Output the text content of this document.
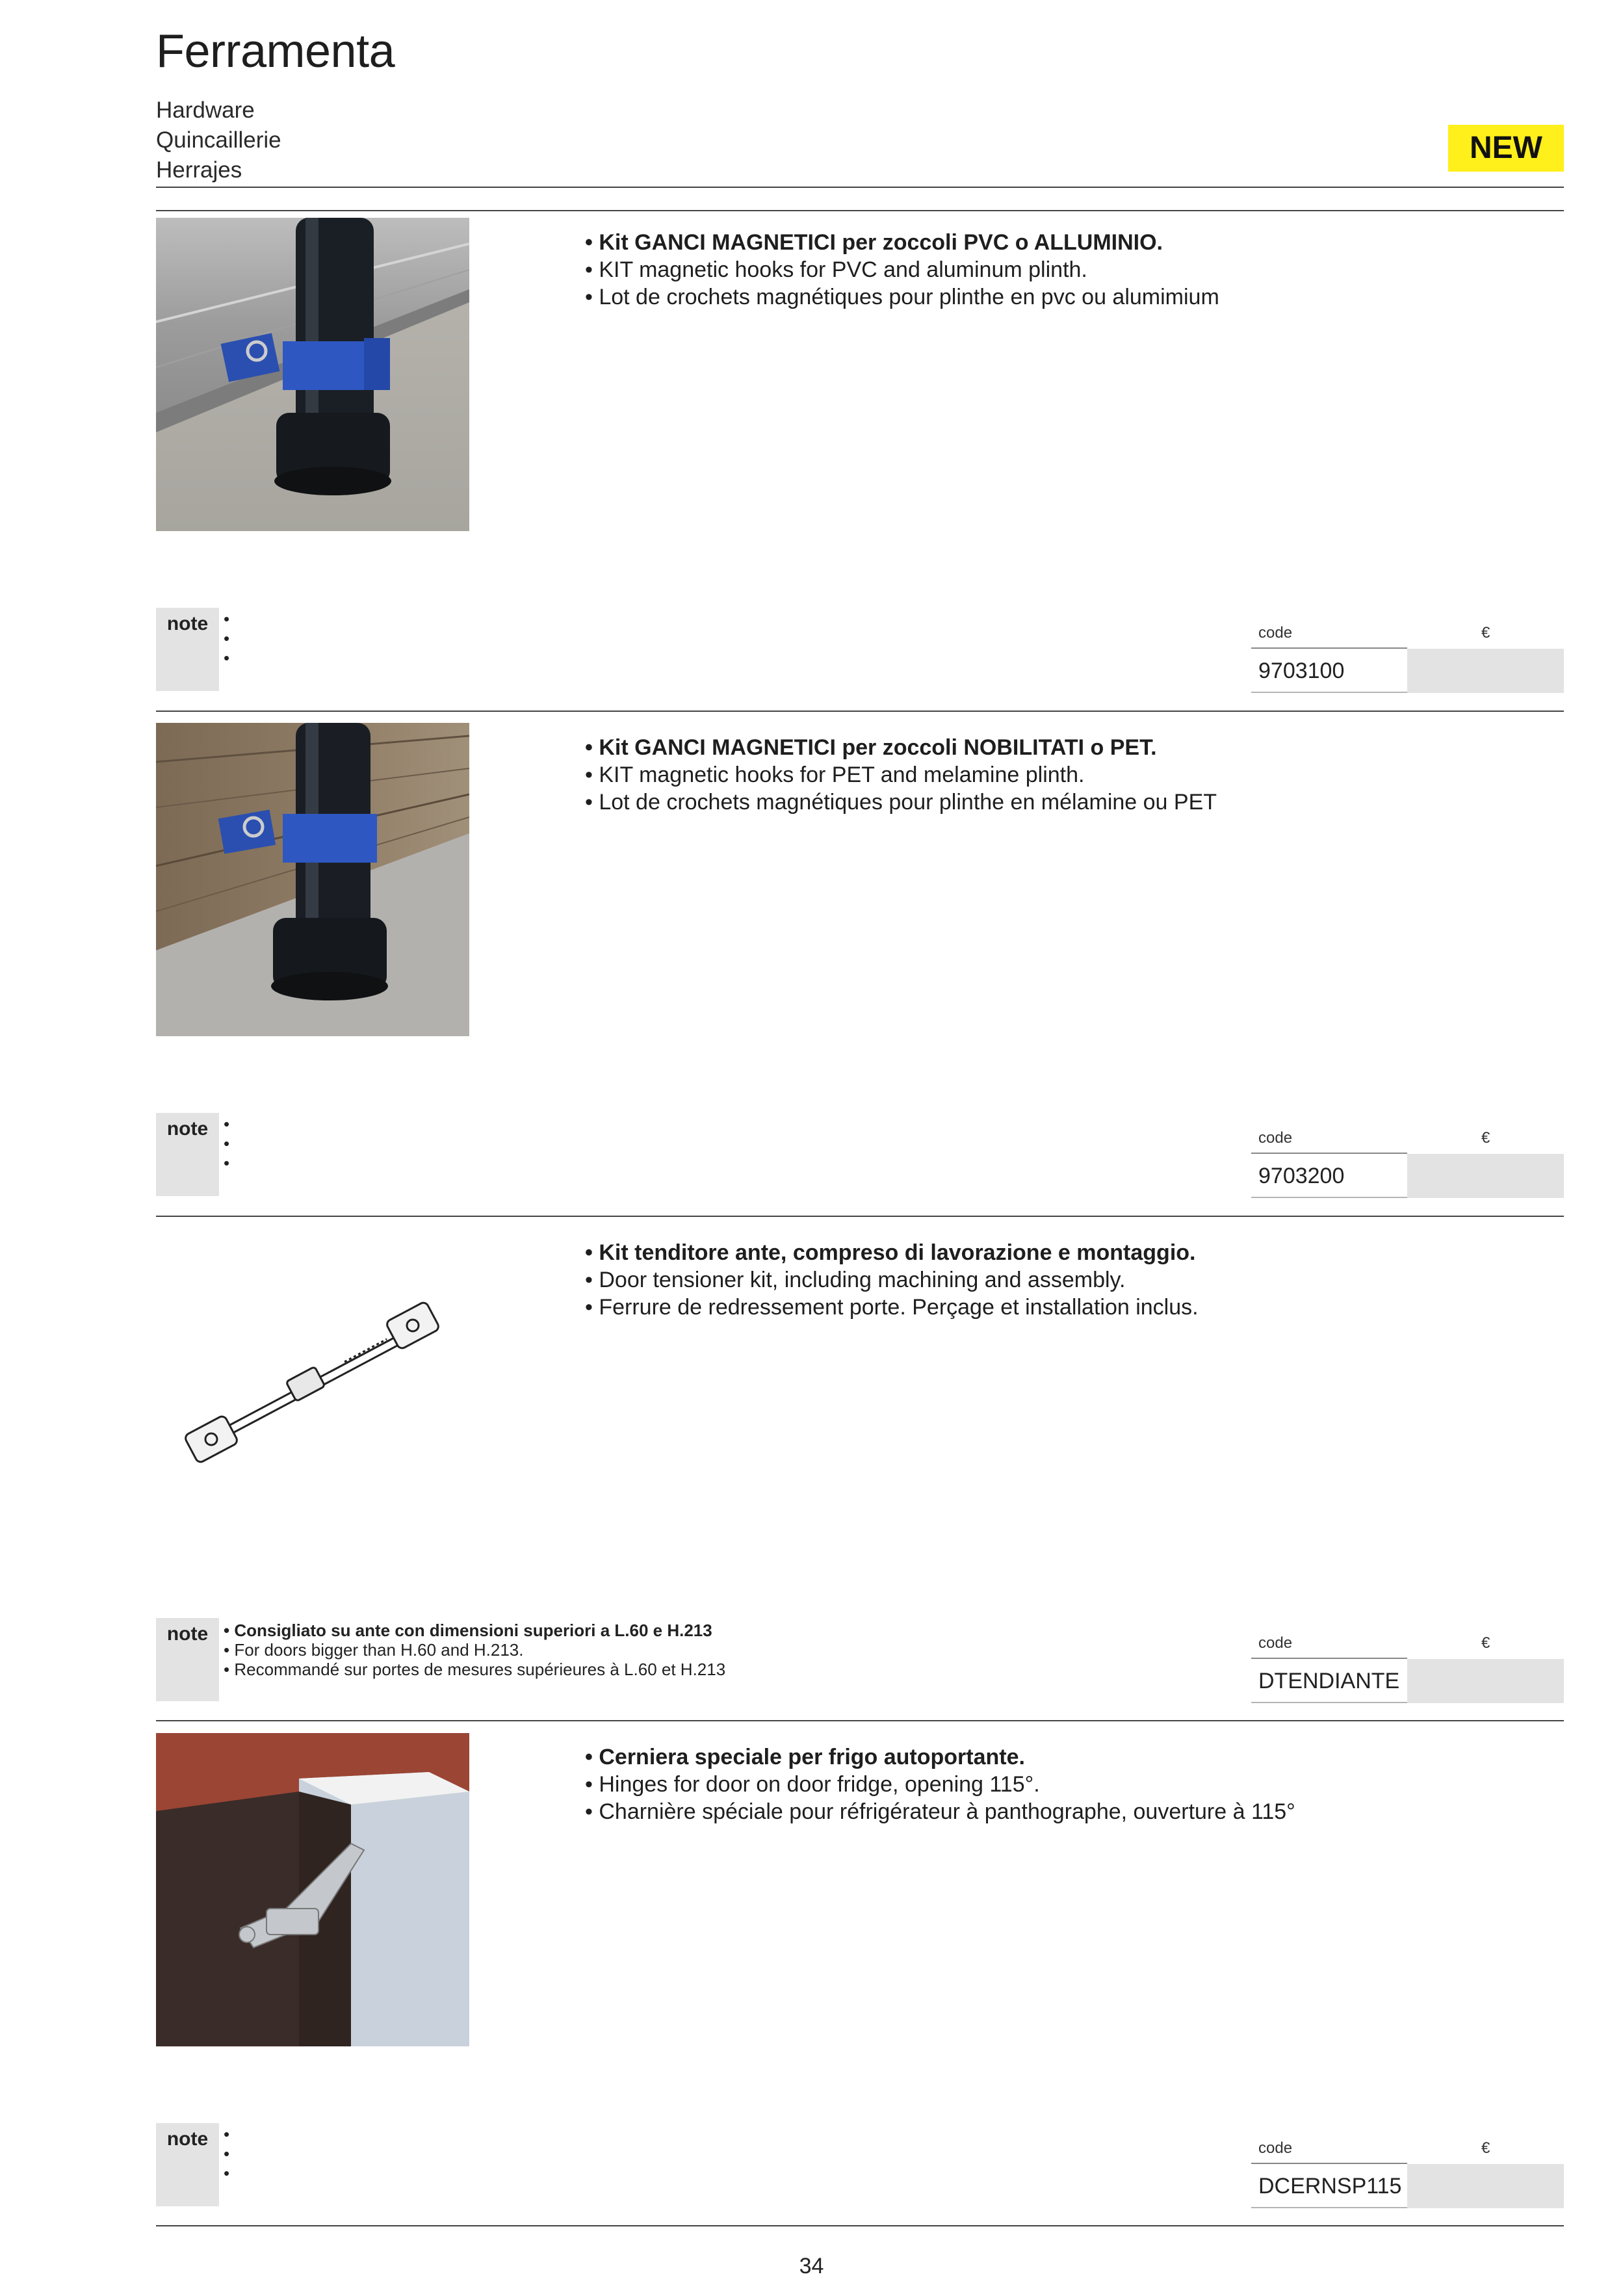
Ferramenta
Hardware
Quincaillerie
Herrajes
NEW
• Kit GANCI MAGNETICI per zoccoli PVC o ALLUMINIO.
• KIT magnetic hooks for PVC and aluminum plinth.
• Lot de crochets magnétiques pour plinthe en pvc ou alumimium
note •
•
•
code	€
9703100
• Kit GANCI MAGNETICI per zoccoli NOBILITATI o PET.
• KIT magnetic hooks for PET and melamine plinth.
• Lot de crochets magnétiques pour plinthe en mélamine ou PET
note •
•
•
code	€
9703200
• Kit tenditore ante, compreso di lavorazione e montaggio.
• Door tensioner kit, including machining and assembly.
• Ferrure de redressement porte. Perçage et installation inclus.
note • Consigliato su ante con dimensioni superiori a L.60 e H.213
• For doors bigger than H.60 and H.213.
• Recommandé sur portes de mesures supérieures à L.60 et H.213
code	€
DTENDIANTE
• Cerniera speciale per frigo autoportante.
• Hinges for door on door fridge, opening 115°.
• Charnière spéciale pour réfrigérateur à panthographe, ouverture à 115°
note •
•
•
code	€
DCERNSP115
34
